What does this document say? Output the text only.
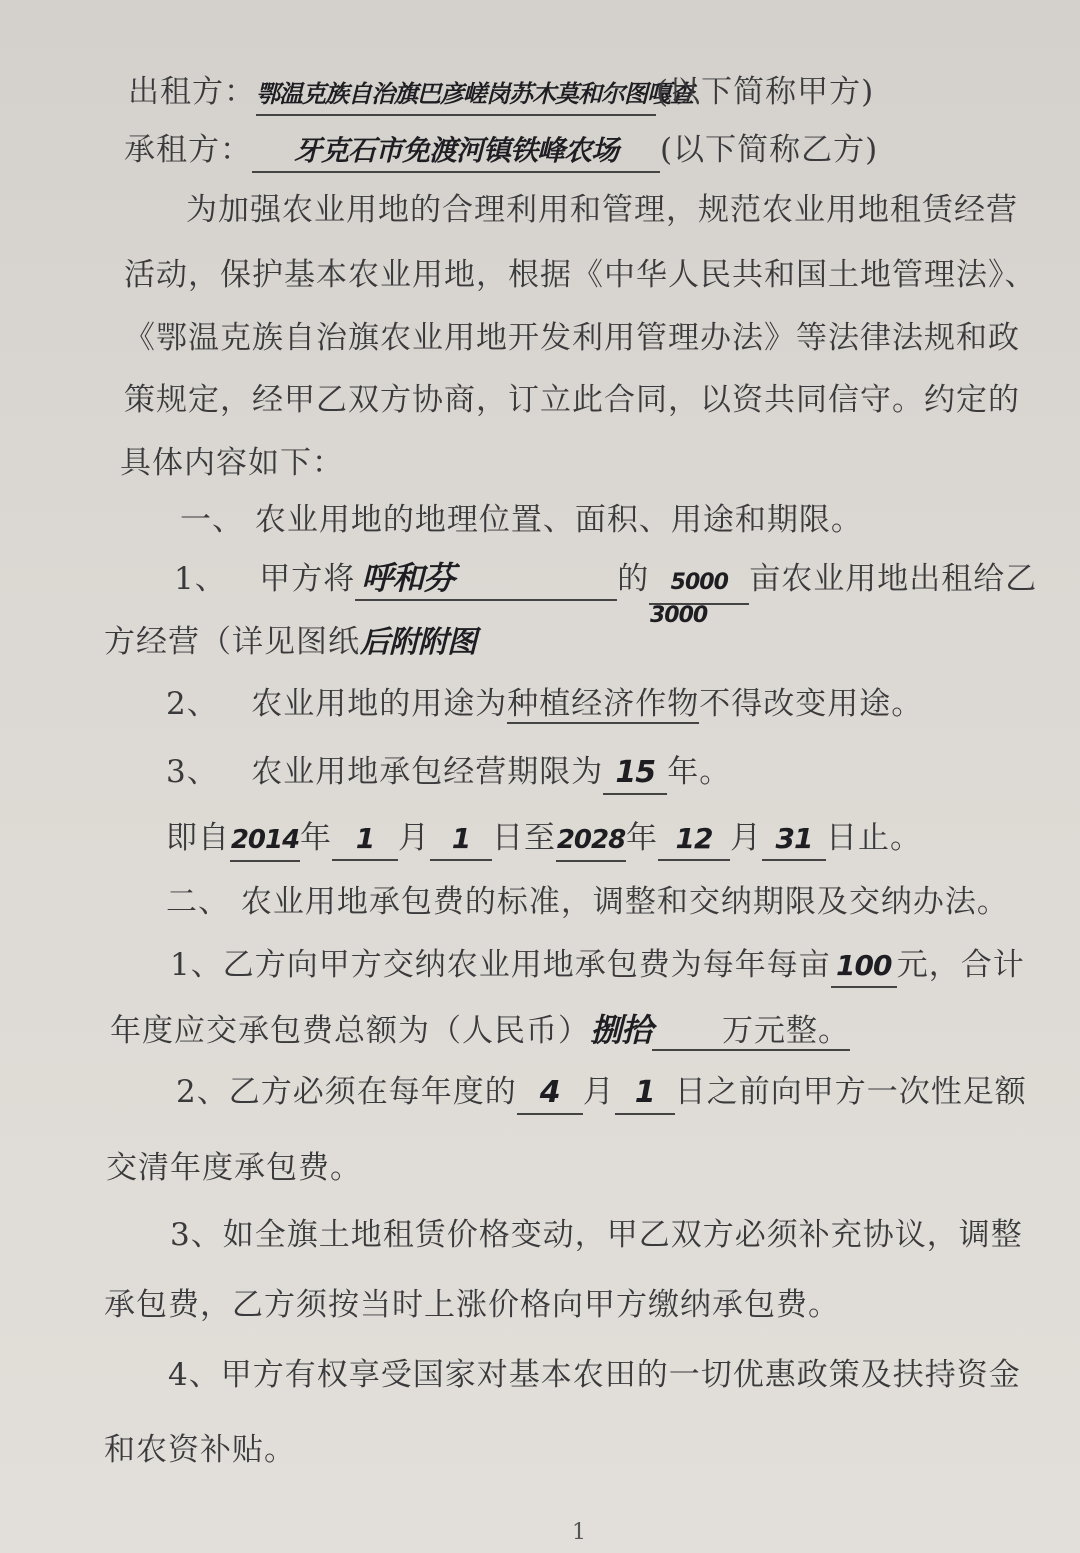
出租方：鄂温克族自治旗巴彦嵯岗苏木莫和尔图嘎查(以下简称甲方)
承租方： 牙克石市免渡河镇铁峰农场 (以下简称乙方)
为加强农业用地的合理利用和管理，规范农业用地租赁经营
活动，保护基本农业用地，根据《中华人民共和国土地管理法》、
《鄂温克族自治旗农业用地开发利用管理办法》等法律法规和政
策规定，经甲乙双方协商，订立此合同，以资共同信守。约定的
具体内容如下：
一、 农业用地的地理位置、面积、用途和期限。
1、 甲方将 呼和芬	的 5000 亩农业用地出租给乙
3000
方经营（详见图纸后附附图
2、 农业用地的用途为种植经济作物不得改变用途。
3、 农业用地承包经营期限为 15 年。
即自2014年 1 月 1 日至2028年 12 月 31 日止。
二、 农业用地承包费的标准，调整和交纳期限及交纳办法。
1、乙方向甲方交纳农业用地承包费为每年每亩 100 元，合计
年度应交承包费总额为（人民币）捌拾 万元整。
2、乙方必须在每年度的 4 月 1 日之前向甲方一次性足额
交清年度承包费。
3、如全旗土地租赁价格变动，甲乙双方必须补充协议，调整
承包费，乙方须按当时上涨价格向甲方缴纳承包费。
4、甲方有权享受国家对基本农田的一切优惠政策及扶持资金
和农资补贴。
1
